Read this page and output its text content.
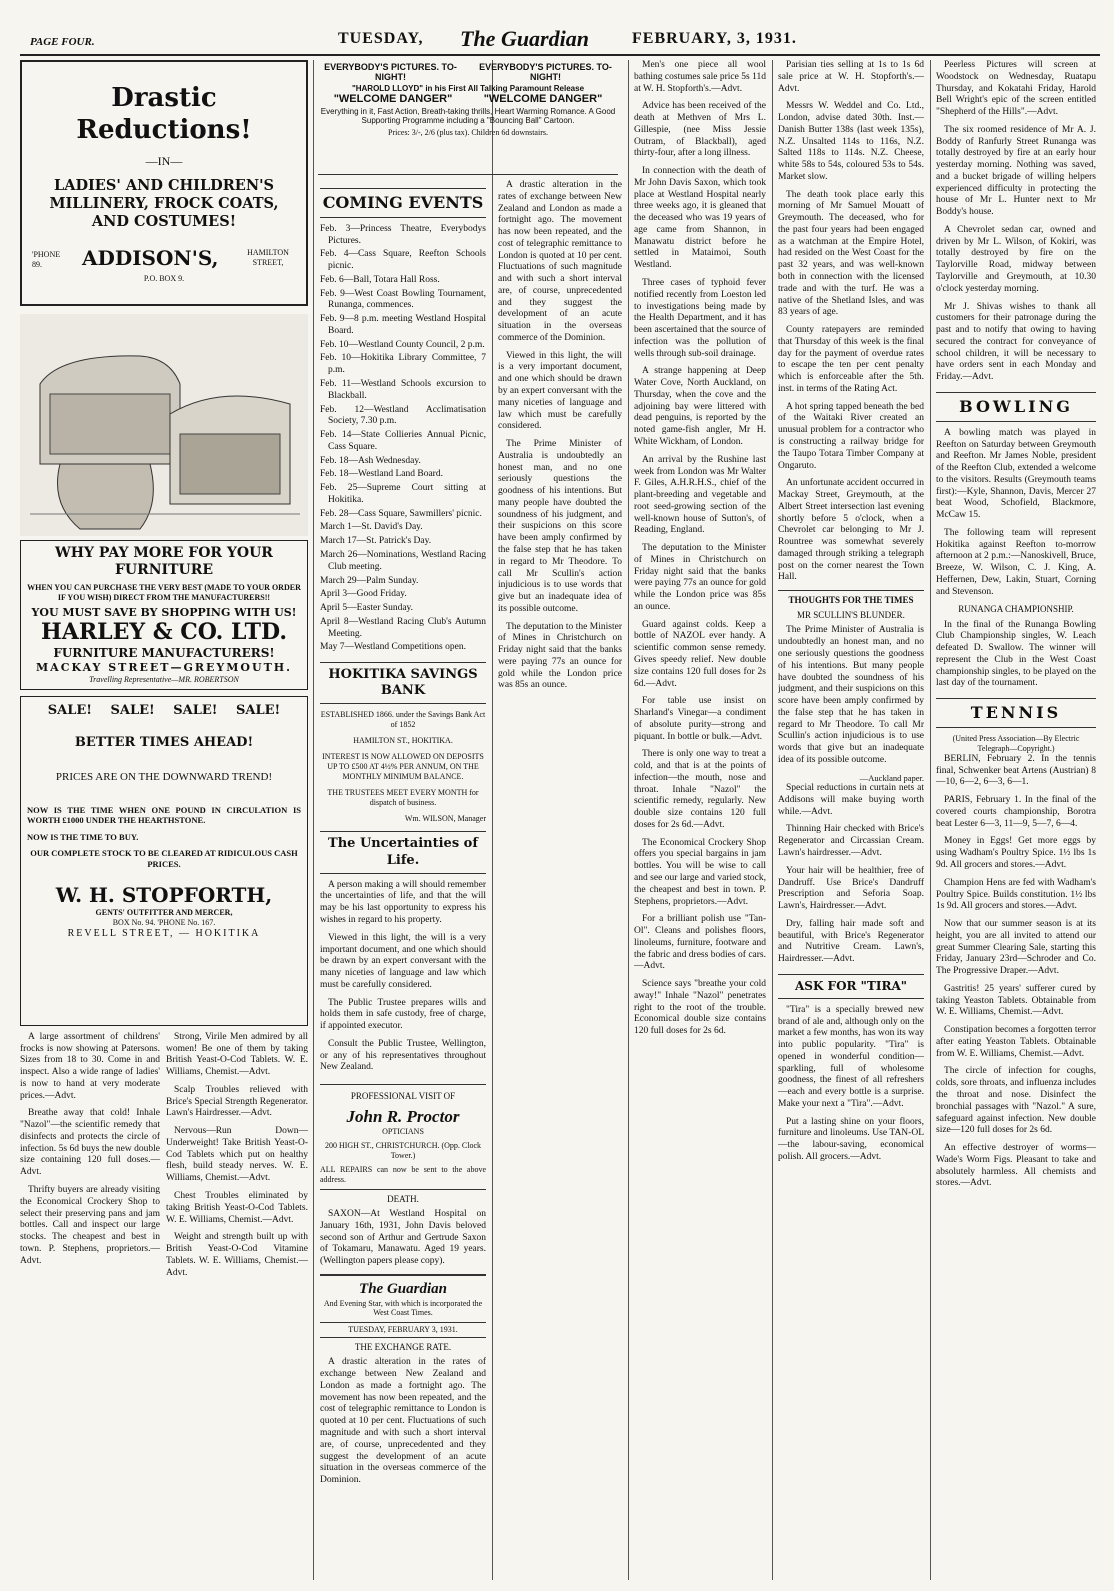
PAGE FOUR.	TUESDAY, The Guardian	FEBRUARY, 3, 1931.
Drastic Reductions!
—IN—
LADIES' AND CHILDREN'S
MILLINERY, FROCK COATS,
AND COSTUMES!
'PHONE 89.	ADDISON'S,	HAMILTON STREET,
P.O. BOX 9.
WHY PAY MORE FOR YOUR FURNITURE
WHEN YOU CAN PURCHASE THE VERY BEST (MADE TO YOUR ORDER IF YOU WISH) DIRECT FROM THE MANUFACTURERS!!
YOU MUST SAVE BY SHOPPING WITH US!
HARLEY & CO. LTD.
FURNITURE MANUFACTURERS!
MACKAY STREET—GREYMOUTH.
Travelling Representative—MR. ROBERTSON
SALE! SALE! SALE! SALE!
BETTER TIMES AHEAD!
PRICES ARE ON THE DOWNWARD TREND!
NOW IS THE TIME WHEN ONE POUND IN CIRCULATION IS WORTH £1000 UNDER THE HEARTHSTONE.
NOW IS THE TIME TO BUY.
OUR COMPLETE STOCK TO BE CLEARED AT RIDICULOUS CASH PRICES.
W. H. STOPFORTH,
GENTS' OUTFITTER AND MERCER,
BOX No. 94. 'PHONE No. 167.
REVELL STREET, — HOKITIKA

A large assortment of childrens' frocks is now showing at Patersons. Sizes from 18 to 30. Come in and inspect. Also a wide range of ladies' is now to hand at very moderate prices.—Advt.

Breathe away that cold! Inhale "Nazol"—the scientific remedy that disinfects and protects the circle of infection. 5s 6d buys the new double size containing 120 full doses.—Advt.

Thrifty buyers are already visiting the Economical Crockery Shop to select their preserving pans and jam bottles. Call and inspect our large stocks. The cheapest and best in town. P. Stephens, proprietors.—Advt.

Strong, Virile Men admired by all women! Be one of them by taking British Yeast-O-Cod Tablets. W. E. Williams, Chemist.—Advt.

Scalp Troubles relieved with Brice's Special Strength Regenerator. Lawn's Hairdresser.—Advt.

Nervous—Run Down—Underweight! Take British Yeast-O-Cod Tablets which put on healthy flesh, build steady nerves. W. E. Williams, Chemist.—Advt.

Chest Troubles eliminated by taking British Yeast-O-Cod Tablets. W. E. Williams, Chemist.—Advt.

Weight and strength built up with British Yeast-O-Cod Vitamine Tablets. W. E. Williams, Chemist.—Advt.

EVERYBODY'S PICTURES. TO-NIGHT!
EVERYBODY'S PICTURES. TO-NIGHT!
"HAROLD LLOYD" in his First All Talking Paramount Release
"WELCOME DANGER"	"WELCOME DANGER"
Everything in it, Fast Action, Breath-taking thrills, Heart Warming Romance. A Good Supporting Programme including a "Bouncing Ball" Cartoon.
Prices: 3/-, 2/6 (plus tax). Children 6d downstairs.
COMING EVENTS
Feb. 3—Princess Theatre, Everybodys Pictures.
Feb. 4—Cass Square, Reefton Schools picnic.
Feb. 6—Ball, Totara Hall Ross.
Feb. 9—West Coast Bowling Tournament, Runanga, commences.
Feb. 9—8 p.m. meeting Westland Hospital Board.
Feb. 10—Westland County Council, 2 p.m.
Feb. 10—Hokitika Library Committee, 7 p.m.
Feb. 11—Westland Schools excursion to Blackball.
Feb. 12—Westland Acclimatisation Society, 7.30 p.m.
Feb. 14—State Collieries Annual Picnic, Cass Square.
Feb. 18—Ash Wednesday.
Feb. 18—Westland Land Board.
Feb. 25—Supreme Court sitting at Hokitika.
Feb. 28—Cass Square, Sawmillers' picnic.
March 1—St. David's Day.
March 17—St. Patrick's Day.
March 26—Nominations, Westland Racing Club meeting.
March 29—Palm Sunday.
April 3—Good Friday.
April 5—Easter Sunday.
April 8—Westland Racing Club's Autumn Meeting.
May 7—Westland Competitions open.
HOKITIKA SAVINGS BANK
ESTABLISHED 1866. under the Savings Bank Act of 1852
HAMILTON ST., HOKITIKA.
INTEREST IS NOW ALLOWED ON DEPOSITS UP TO £500 AT 4½% PER ANNUM, ON THE MONTHLY MINIMUM BALANCE.
THE TRUSTEES MEET EVERY MONTH for dispatch of business.
Wm. WILSON, Manager
The Uncertainties of Life.

A person making a will should remember the uncertainties of life, and that the will may be his last opportunity to express his wishes in regard to his property.

Viewed in this light, the will is a very important document, and one which should be drawn by an expert conversant with the many niceties of language and law which must be carefully considered.

The Public Trustee prepares wills and holds them in safe custody, free of charge, if appointed executor.

Consult the Public Trustee, Wellington, or any of his representatives throughout New Zealand.

PROFESSIONAL VISIT OF
John R. Proctor
OPTICIANS
200 HIGH ST., CHRISTCHURCH. (Opp. Clock Tower.)
ALL REPAIRS can now be sent to the above address.
DEATH.

SAXON—At Westland Hospital on January 16th, 1931, John Davis beloved second son of Arthur and Gertrude Saxon of Tokamaru, Manawatu. Aged 19 years. (Wellington papers please copy).

The Guardian
And Evening Star, with which is incorporated the West Coast Times.
TUESDAY, FEBRUARY 3, 1931.
THE EXCHANGE RATE.

A drastic alteration in the rates of exchange between New Zealand and London as made a fortnight ago. The movement has now been repeated, and the cost of telegraphic remittance to London is quoted at 10 per cent. Fluctuations of such magnitude and with such a short interval are, of course, unprecedented and they suggest the development of an acute situation in the overseas commerce of the Dominion.

A drastic alteration in the rates of exchange between New Zealand and London as made a fortnight ago. The movement has now been repeated, and the cost of telegraphic remittance to London is quoted at 10 per cent. Fluctuations of such magnitude and with such a short interval are, of course, unprecedented and they suggest the development of an acute situation in the overseas commerce of the Dominion.

Viewed in this light, the will is a very important document, and one which should be drawn by an expert conversant with the many niceties of language and law which must be carefully considered.

The Prime Minister of Australia is undoubtedly an honest man, and no one seriously questions the goodness of his intentions. But many people have doubted the soundness of his judgment, and their suspicions on this score have been amply confirmed by the false step that he has taken in regard to Mr Theodore. To call Mr Scullin's action injudicious is to use words that give but an inadequate idea of its possible outcome.

The deputation to the Minister of Mines in Christchurch on Friday night said that the banks were paying 77s an ounce for gold while the London price was 85s an ounce.

Men's one piece all wool bathing costumes sale price 5s 11d at W. H. Stopforth's.—Advt.

Advice has been received of the death at Methven of Mrs L. Gillespie, (nee Miss Jessie Outram, of Blackball), aged thirty-four, after a long illness.

In connection with the death of Mr John Davis Saxon, which took place at Westland Hospital nearly three weeks ago, it is gleaned that the deceased who was 19 years of age came from Shannon, in Manawatu district before he settled in Mataimoi, South Westland.

Three cases of typhoid fever notified recently from Loeston led to investigations being made by the Health Department, and it has been ascertained that the source of infection was the pollution of wells through sub-soil drainage.

A strange happening at Deep Water Cove, North Auckland, on Thursday, when the cove and the adjoining bay were littered with dead penguins, is reported by the noted game-fish angler, Mr H. White Wickham, of London.

An arrival by the Rushine last week from London was Mr Walter F. Giles, A.H.R.H.S., chief of the plant-breeding and vegetable and root seed-growing section of the well-known house of Sutton's, of Reading, England.

The deputation to the Minister of Mines in Christchurch on Friday night said that the banks were paying 77s an ounce for gold while the London price was 85s an ounce.

Guard against colds. Keep a bottle of NAZOL ever handy. A scientific common sense remedy. Gives speedy relief. New double size contains 120 full doses for 2s 6d.—Advt.

For table use insist on Sharland's Vinegar—a condiment of absolute purity—strong and piquant. In bottle or bulk.—Advt.

There is only one way to treat a cold, and that is at the points of infection—the mouth, nose and throat. Inhale "Nazol" the scientific remedy, regularly. New double size contains 120 full doses for 2s 6d.—Advt.

The Economical Crockery Shop offers you special bargains in jam bottles. You will be wise to call and see our large and varied stock, the cheapest and best in town. P. Stephens, proprietors.—Advt.

For a brilliant polish use "Tan-Ol". Cleans and polishes floors, linoleums, furniture, footware and the fabric and dress bodies of cars.—Advt.

Science says "breathe your cold away!" Inhale "Nazol" penetrates right to the root of the trouble. Economical double size contains 120 full doses for 2s 6d.

Parisian ties selling at 1s to 1s 6d sale price at W. H. Stopforth's.—Advt.

Messrs W. Weddel and Co. Ltd., London, advise dated 30th. Inst.—Danish Butter 138s (last week 135s), N.Z. Unsalted 114s to 116s, N.Z. Salted 118s to 114s. N.Z. Cheese, white 58s to 54s, coloured 53s to 54s. Market slow.

The death took place early this morning of Mr Samuel Mouatt of Greymouth. The deceased, who for the past four years had been engaged as a watchman at the Empire Hotel, had resided on the West Coast for the past 32 years, and was well-known both in connection with the licensed trade and with the turf. He was a native of the Shetland Isles, and was 83 years of age.

County ratepayers are reminded that Thursday of this week is the final day for the payment of overdue rates to escape the ten per cent penalty which is enforceable after the 5th. inst. in terms of the Rating Act.

A hot spring tapped beneath the bed of the Waitaki River created an unusual problem for a contractor who is constructing a railway bridge for the Taupo Totara Timber Company at Ongaruto.

An unfortunate accident occurred in Mackay Street, Greymouth, at the Albert Street intersection last evening shortly before 5 o'clock, when a Chevrolet car belonging to Mr J. Rountree was somewhat severely damaged through striking a telegraph post on the corner nearest the Town Hall.

THOUGHTS FOR THE TIMES
MR SCULLIN'S BLUNDER.

The Prime Minister of Australia is undoubtedly an honest man, and no one seriously questions the goodness of his intentions. But many people have doubted the soundness of his judgment, and their suspicions on this score have been amply confirmed by the false step that he has taken in regard to Mr Theodore. To call Mr Scullin's action injudicious is to use words that give but an inadequate idea of its possible outcome.

—Auckland paper.

Special reductions in curtain nets at Addisons will make buying worth while.—Advt.

Thinning Hair checked with Brice's Regenerator and Circassian Cream. Lawn's hairdresser.—Advt.

Your hair will be healthier, free of Dandruff. Use Brice's Dandruff Prescription and Seforia Soap. Lawn's, Hairdresser.—Advt.

Dry, falling hair made soft and beautiful, with Brice's Regenerator and Nutritive Cream. Lawn's, Hairdresser.—Advt.

ASK FOR "TIRA"

"Tira" is a specially brewed new brand of ale and, although only on the market a few months, has won its way into public popularity. "Tira" is opened in wonderful condition—sparkling, full of wholesome goodness, the finest of all refreshers—each and every bottle is a surprise. Make your next a "Tira".—Advt.

Put a lasting shine on your floors, furniture and linoleums. Use TAN-OL—the labour-saving, economical polish. All grocers.—Advt.

Peerless Pictures will screen at Woodstock on Wednesday, Ruatapu Thursday, and Kokatahi Friday, Harold Bell Wright's epic of the screen entitled "Shepherd of the Hills".—Advt.

The six roomed residence of Mr A. J. Boddy of Ranfurly Street Runanga was totally destroyed by fire at an early hour yesterday morning. Nothing was saved, and a bucket brigade of willing helpers experienced difficulty in protecting the house of Mr L. Hunter next to Mr Boddy's house.

A Chevrolet sedan car, owned and driven by Mr L. Wilson, of Kokiri, was totally destroyed by fire on the Taylorville Road, midway between Taylorville and Greymouth, at 10.30 o'clock yesterday morning.

Mr J. Shivas wishes to thank all customers for their patronage during the past and to notify that owing to having secured the contract for conveyance of school children, it will be necessary to have orders sent in each Monday and Friday.—Advt.

BOWLING

A bowling match was played in Reefton on Saturday between Greymouth and Reefton. Mr James Noble, president of the Reefton Club, extended a welcome to the visitors. Results (Greymouth teams first):—Kyle, Shannon, Davis, Mercer 27 beat Wood, Schofield, Blackmore, McCaw 15.

The following team will represent Hokitika against Reefton to-morrow afternoon at 2 p.m.:—Nanoskivell, Bruce, Breeze, W. Wilson, C. J. King, A. Heffernen, Dew, Lakin, Stuart, Corning and Stevenson.

RUNANGA CHAMPIONSHIP.

In the final of the Runanga Bowling Club Championship singles, W. Leach defeated D. Swallow. The winner will represent the Club in the West Coast championship singles, to be played on the last day of the tournament.

TENNIS
(United Press Association—By Electric Telegraph—Copyright.)

BERLIN, February 2. In the tennis final, Schwenker beat Artens (Austrian) 8—10, 6—2, 6—3, 6—1.

PARIS, February 1. In the final of the covered courts championship, Borotra beat Lester 6—3, 11—9, 5—7, 6—4.

Money in Eggs! Get more eggs by using Wadham's Poultry Spice. 1½ lbs 1s 9d. All grocers and stores.—Advt.

Champion Hens are fed with Wadham's Poultry Spice. Builds constitution. 1½ lbs 1s 9d. All grocers and stores.—Advt.

Now that our summer season is at its height, you are all invited to attend our great Summer Clearing Sale, starting this Friday, January 23rd—Schroder and Co. The Progressive Draper.—Advt.

Gastritis! 25 years' sufferer cured by taking Yeaston Tablets. Obtainable from W. E. Williams, Chemist.—Advt.

Constipation becomes a forgotten terror after eating Yeaston Tablets. Obtainable from W. E. Williams, Chemist.—Advt.

The circle of infection for coughs, colds, sore throats, and influenza includes the throat and nose. Disinfect the bronchial passages with "Nazol." A sure, safeguard against infection. New double size—120 full doses for 2s 6d.

An effective destroyer of worms—Wade's Worm Figs. Pleasant to take and absolutely harmless. All chemists and stores.—Advt.
